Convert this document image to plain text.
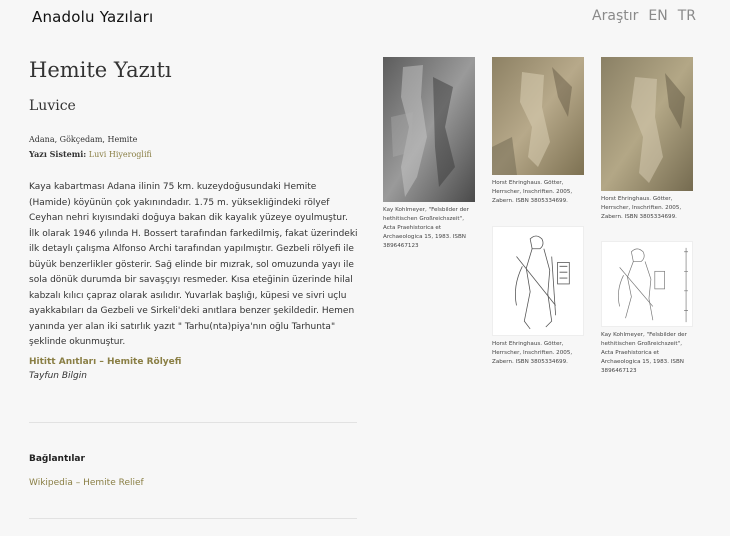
Anadolu Yazıları	Araştır EN TR
Hemite Yazıtı
Luvice
Adana, Gökçedam, Hemite
Yazı Sistemi: Luvi Hiyeroglifi

Kaya kabartması Adana ilinin 75 km. kuzeydoğusundaki Hemite (Hamide) köyünün çok yakınındadır. 1.75 m. yüksekliğindeki rölyef Ceyhan nehri kıyısındaki doğuya bakan dik kayalık yüzeye oyulmuştur. İlk olarak 1946 yılında H. Bossert tarafından farkedilmiş, fakat üzerindeki ilk detaylı çalışma Alfonso Archi tarafından yapılmıştır. Gezbeli rölyefi ile büyük benzerlikler gösterir. Sağ elinde bir mızrak, sol omuzunda yayı ile sola dönük durumda bir savaşçıyı resmeder. Kısa eteğinin üzerinde hilal kabzalı kılıcı çapraz olarak asılıdır. Yuvarlak başlığı, küpesi ve sivri uçlu ayakkabıları da Gezbeli ve Sirkeli'deki anıtlara benzer şekildedir. Hemen yanında yer alan iki satırlık yazıt " Tarhu(nta)piya'nın oğlu Tarhunta" şeklinde okunmuştur.

Hititt Anıtları – Hemite Rölyefi
Tayfun Bilgin
Bağlantılar
Wikipedia – Hemite Relief
Kay Kohlmeyer, "Felsbilder der hethitischen Großreichszeit", Acta Praehistorica et Archaeologica 15, 1983. ISBN 3896467123
Horst Ehringhaus. Götter, Herrscher, Inschriften. 2005, Zabern. ISBN 3805334699.	Horst Ehringhaus. Götter, Herrscher, Inschriften. 2005, Zabern. ISBN 3805334699.
Horst Ehringhaus. Götter, Herrscher, Inschriften. 2005, Zabern. ISBN 3805334699.
Kay Kohlmeyer, "Felsbilder der hethitischen Großreichszeit", Acta Praehistorica et Archaeologica 15, 1983. ISBN 3896467123
